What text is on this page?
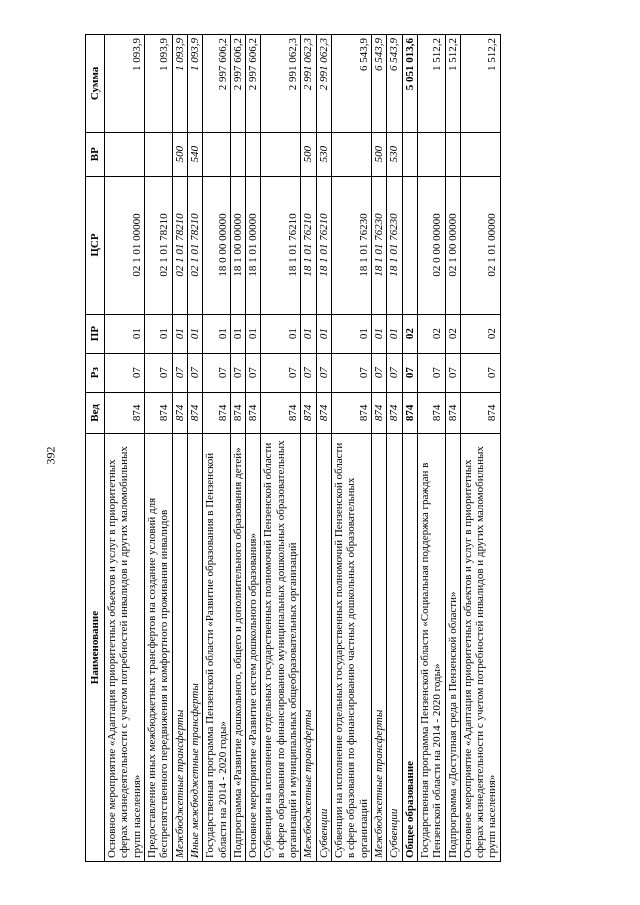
392
Наименование	Вед	Рз	ПР	ЦСР	ВР	Сумма
Основное мероприятие «Адаптация приоритетных объектов и услуг в приоритетных сферах жизнедеятельности с учетом потребностей инвалидов и других маломобильных групп населения»	874	07	01	02 1 01 00000		1 093,9
Предоставление иных межбюджетных трансфертов на создание условий для беспрепятственного передвижения и комфортного проживания инвалидов	874	07	01	02 1 01 78210		1 093,9
Межбюджетные трансферты	874	07	01	02 1 01 78210	500	1 093,9
Иные межбюджетные трансферты	874	07	01	02 1 01 78210	540	1 093,9
Государственная программа Пензенской области «Развитие образования в Пензенской области на 2014 - 2020 годы»	874	07	01	18 0 00 00000		2 997 606,2
Подпрограмма «Развитие дошкольного, общего и дополнительного образования детей»	874	07	01	18 1 00 00000		2 997 606,2
Основное мероприятие «Развитие систем дошкольного образования»	874	07	01	18 1 01 00000		2 997 606,2
Субвенции на исполнение отдельных государственных полномочий Пензенской области в сфере образования по финансированию муниципальных дошкольных образовательных организаций и муниципальных общеобразовательных организаций	874	07	01	18 1 01 76210		2 991 062,3
Межбюджетные трансферты	874	07	01	18 1 01 76210	500	2 991 062,3
Субвенции	874	07	01	18 1 01 76210	530	2 991 062,3
Субвенции на исполнение отдельных государственных полномочий Пензенской области в сфере образования по финансированию частных дошкольных образовательных организаций	874	07	01	18 1 01 76230		6 543,9
Межбюджетные трансферты	874	07	01	18 1 01 76230	500	6 543,9
Субвенции	874	07	01	18 1 01 76230	530	6 543,9
Общее образование	874	07	02			5 051 013,6
Государственная программа Пензенской области «Социальная поддержка граждан в Пензенской области на 2014 - 2020 годы»	874	07	02	02 0 00 00000		1 512,2
Подпрограмма «Доступная среда в Пензенской области»	874	07	02	02 1 00 00000		1 512,2
Основное мероприятие «Адаптация приоритетных объектов и услуг в приоритетных сферах жизнедеятельности с учетом потребностей инвалидов и других маломобильных групп населения»	874	07	02	02 1 01 00000		1 512,2
